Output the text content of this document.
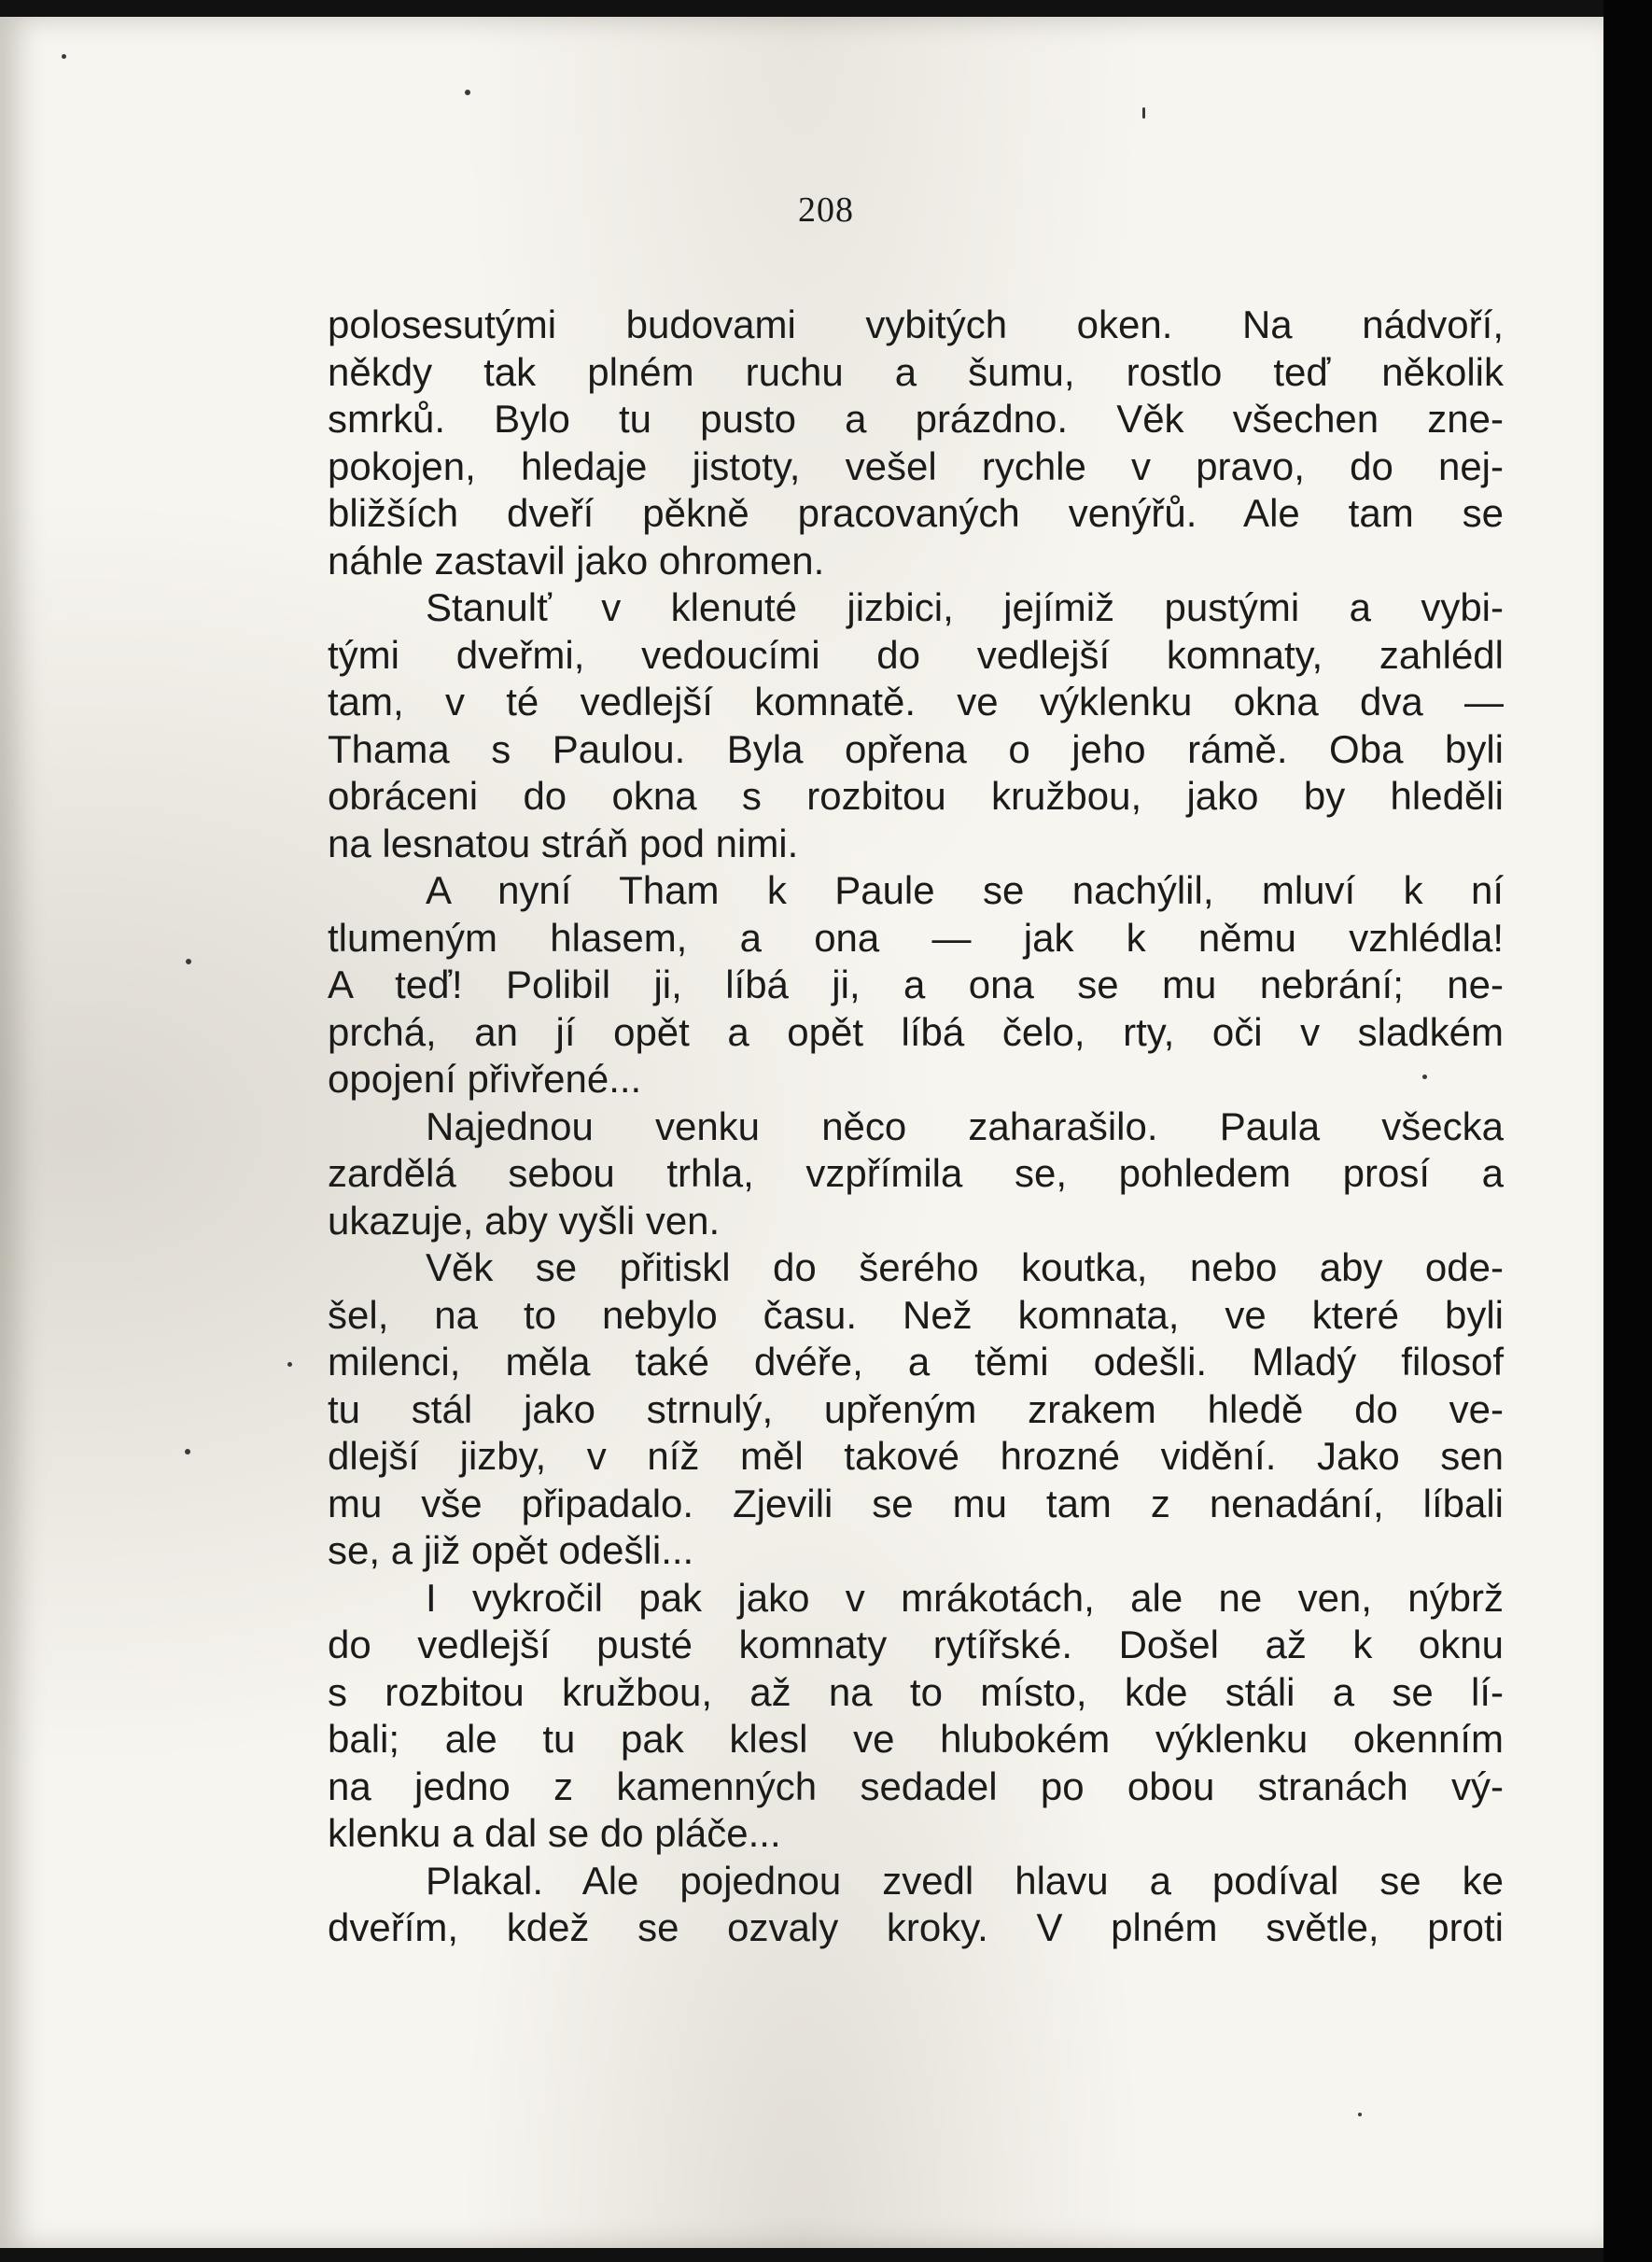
208
polosesutými budovami vybitých oken. Na nádvoří,
někdy tak plném ruchu a šumu, rostlo teď několik
smrků. Bylo tu pusto a prázdno. Věk všechen zne-
pokojen, hledaje jistoty, vešel rychle v pravo, do nej-
bližších dveří pěkně pracovaných venýřů. Ale tam se
náhle zastavil jako ohromen.
Stanulť v klenuté jizbici, jejímiž pustými a vybi-
tými dveřmi, vedoucími do vedlejší komnaty, zahlédl
tam, v té vedlejší komnatě. ve výklenku okna dva —
Thama s Paulou. Byla opřena o jeho rámě. Oba byli
obráceni do okna s rozbitou kružbou, jako by hleděli
na lesnatou stráň pod nimi.
A nyní Tham k Paule se nachýlil, mluví k ní
tlumeným hlasem, a ona — jak k němu vzhlédla!
A teď! Polibil ji, líbá ji, a ona se mu nebrání; ne-
prchá, an jí opět a opět líbá čelo, rty, oči v sladkém
opojení přivřené...
Najednou venku něco zaharašilo. Paula všecka
zardělá sebou trhla, vzpřímila se, pohledem prosí a
ukazuje, aby vyšli ven.
Věk se přitiskl do šerého koutka, nebo aby ode-
šel, na to nebylo času. Než komnata, ve které byli
milenci, měla také dvéře, a těmi odešli. Mladý filosof
tu stál jako strnulý, upřeným zrakem hledě do ve-
dlejší jizby, v níž měl takové hrozné vidění. Jako sen
mu vše připadalo. Zjevili se mu tam z nenadání, líbali
se, a již opět odešli...
I vykročil pak jako v mrákotách, ale ne ven, nýbrž
do vedlejší pusté komnaty rytířské. Došel až k oknu
s rozbitou kružbou, až na to místo, kde stáli a se lí-
bali; ale tu pak klesl ve hlubokém výklenku okenním
na jedno z kamenných sedadel po obou stranách vý-
klenku a dal se do pláče...
Plakal. Ale pojednou zvedl hlavu a podíval se ke
dveřím, kdež se ozvaly kroky. V plném světle, proti
